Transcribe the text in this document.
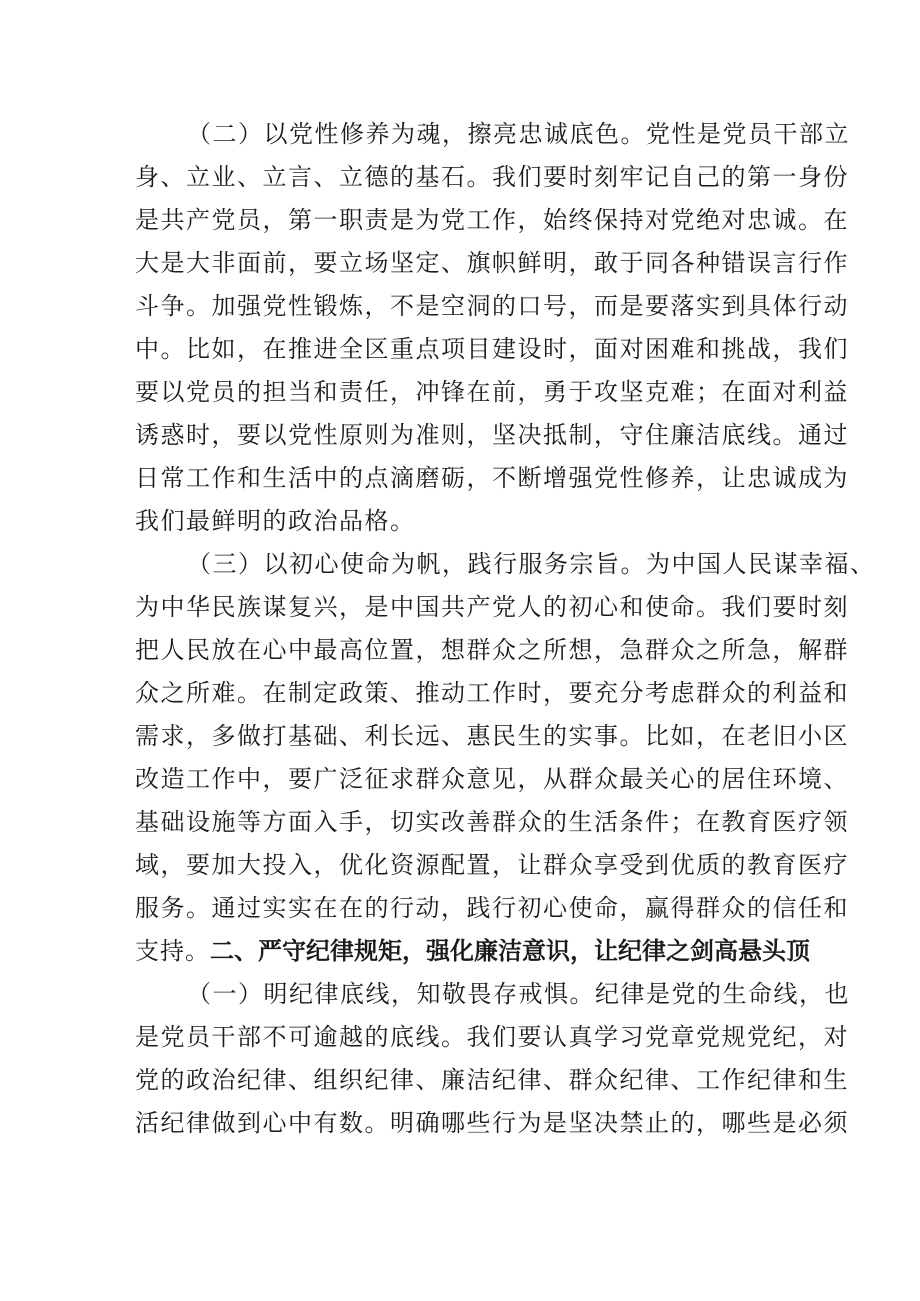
（二）以党性修养为魂，擦亮忠诚底色。党性是党员干部立
身、立业、立言、立德的基石。我们要时刻牢记自己的第一身份
是共产党员，第一职责是为党工作，始终保持对党绝对忠诚。在
大是大非面前，要立场坚定、旗帜鲜明，敢于同各种错误言行作
斗争。加强党性锻炼，不是空洞的口号，而是要落实到具体行动
中。比如，在推进全区重点项目建设时，面对困难和挑战，我们
要以党员的担当和责任，冲锋在前，勇于攻坚克难；在面对利益
诱惑时，要以党性原则为准则，坚决抵制，守住廉洁底线。通过
日常工作和生活中的点滴磨砺，不断增强党性修养，让忠诚成为
我们最鲜明的政治品格。
（三）以初心使命为帆，践行服务宗旨。为中国人民谋幸福、
为中华民族谋复兴，是中国共产党人的初心和使命。我们要时刻
把人民放在心中最高位置，想群众之所想，急群众之所急，解群
众之所难。在制定政策、推动工作时，要充分考虑群众的利益和
需求，多做打基础、利长远、惠民生的实事。比如，在老旧小区
改造工作中，要广泛征求群众意见，从群众最关心的居住环境、
基础设施等方面入手，切实改善群众的生活条件；在教育医疗领
域，要加大投入，优化资源配置，让群众享受到优质的教育医疗
服务。通过实实在在的行动，践行初心使命，赢得群众的信任和
支持。二、严守纪律规矩，强化廉洁意识，让纪律之剑高悬头顶
（一）明纪律底线，知敬畏存戒惧。纪律是党的生命线，也
是党员干部不可逾越的底线。我们要认真学习党章党规党纪，对
党的政治纪律、组织纪律、廉洁纪律、群众纪律、工作纪律和生
活纪律做到心中有数。明确哪些行为是坚决禁止的，哪些是必须
